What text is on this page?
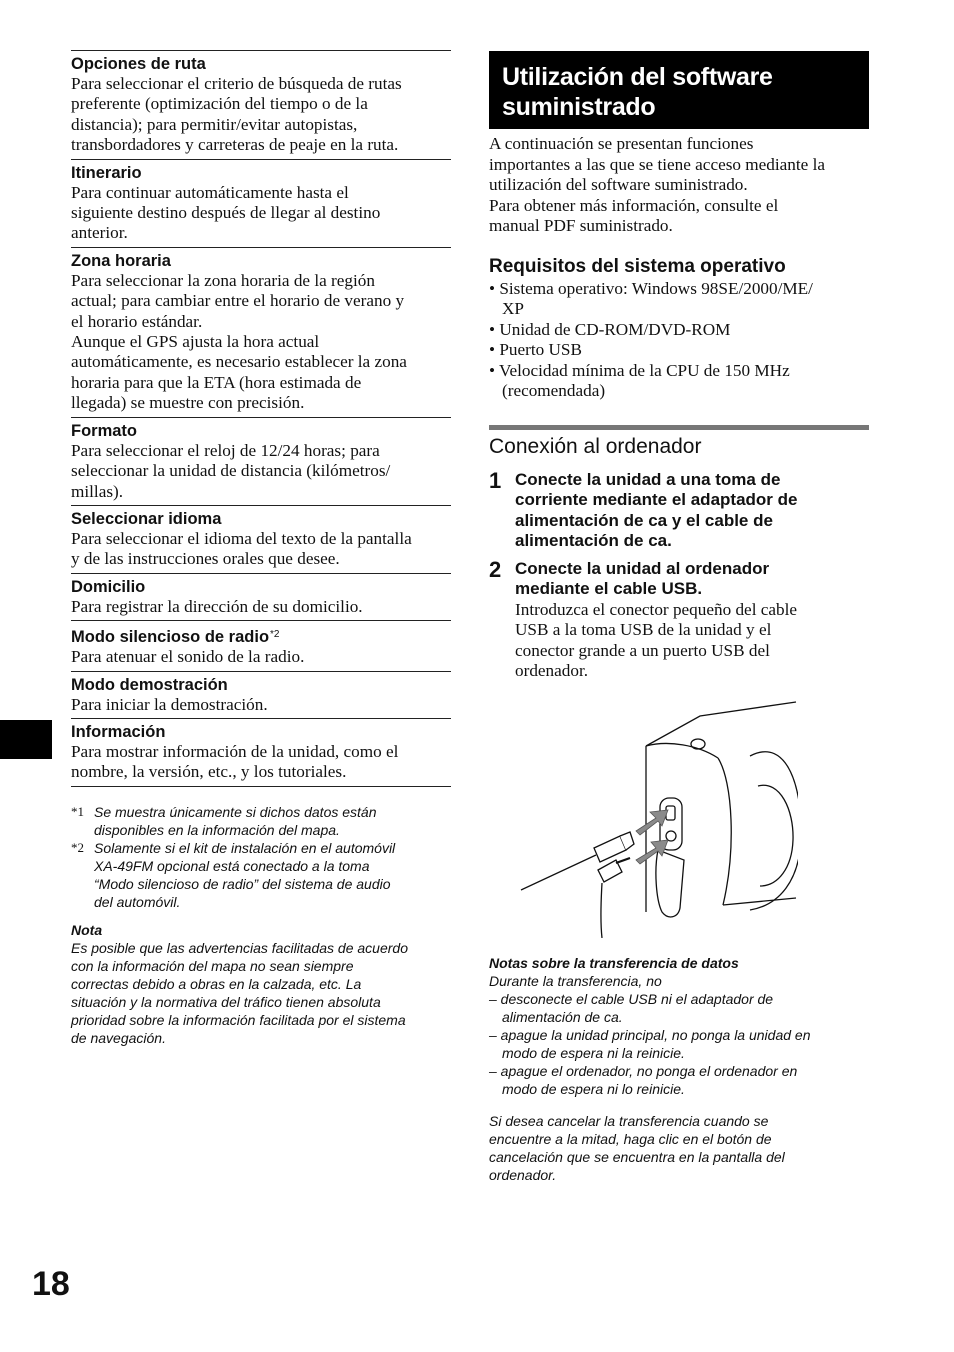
Opciones de ruta
Para seleccionar el criterio de búsqueda de rutas
preferente (optimización del tiempo o de la
distancia); para permitir/evitar autopistas,
transbordadores y carreteras de peaje en la ruta.
Itinerario
Para continuar automáticamente hasta el
siguiente destino después de llegar al destino
anterior.
Zona horaria
Para seleccionar la zona horaria de la región
actual; para cambiar entre el horario de verano y
el horario estándar.
Aunque el GPS ajusta la hora actual
automáticamente, es necesario establecer la zona
horaria para que la ETA (hora estimada de
llegada) se muestre con precisión.
Formato
Para seleccionar el reloj de 12/24 horas; para
seleccionar la unidad de distancia (kilómetros/
millas).
Seleccionar idioma
Para seleccionar el idioma del texto de la pantalla
y de las instrucciones orales que desee.
Domicilio
Para registrar la dirección de su domicilio.
Modo silencioso de radio$^{*2}$
Para atenuar el sonido de la radio.
Modo demostración
Para iniciar la demostración.
Información
Para mostrar información de la unidad, como el
nombre, la versión, etc., y los tutoriales.
*1 Se muestra únicamente si dichos datos están
disponibles en la información del mapa.
*2 Solamente si el kit de instalación en el automóvil
XA-49FM opcional está conectado a la toma
“Modo silencioso de radio” del sistema de audio
del automóvil.
Nota
Es posible que las advertencias facilitadas de acuerdo
con la información del mapa no sean siempre
correctas debido a obras en la calzada, etc. La
situación y la normativa del tráfico tienen absoluta
prioridad sobre la información facilitada por el sistema
de navegación.
Utilización del software
suministrado
A continuación se presentan funciones
importantes a las que se tiene acceso mediante la
utilización del software suministrado.
Para obtener más información, consulte el
manual PDF suministrado.
Requisitos del sistema operativo
• Sistema operativo: Windows 98SE/2000/ME/
XP
• Unidad de CD-ROM/DVD-ROM
• Puerto USB
• Velocidad mínima de la CPU de 150 MHz
(recomendada)
Conexión al ordenador
1 Conecte la unidad a una toma de
corriente mediante el adaptador de
alimentación de ca y el cable de
alimentación de ca.
2 Conecte la unidad al ordenador
mediante el cable USB.
Introduzca el conector pequeño del cable
USB a la toma USB de la unidad y el
conector grande a un puerto USB del
ordenador.
Notas sobre la transferencia de datos
Durante la transferencia, no
– desconecte el cable USB ni el adaptador de
alimentación de ca.
– apague la unidad principal, no ponga la unidad en
modo de espera ni la reinicie.
– apague el ordenador, no ponga el ordenador en
modo de espera ni lo reinicie.
Si desea cancelar la transferencia cuando se
encuentre a la mitad, haga clic en el botón de
cancelación que se encuentra en la pantalla del
ordenador.
18
